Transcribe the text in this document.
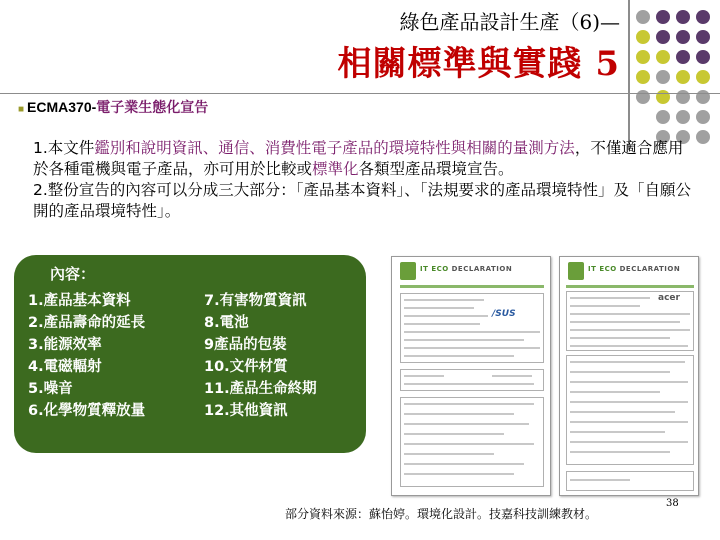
綠色產品設計生產（6)—
相關標準與實踐 5
■ ECMA370-電子業生態化宣告

1.本文件鑑別和說明資訊、通信、消費性電子產品的環境特性與相關的量測方法，不僅適合應用於各種電機與電子產品，亦可用於比較或標準化各類型產品環境宣告。

2.整份宣告的內容可以分成三大部分：「產品基本資料」、「法規要求的產品環境特性」及「自願公開的產品環境特性」。

內容：
1.產品基本資料
2.產品壽命的延長
3.能源效率
4.電磁輻射
5.噪音
6.化學物質釋放量
7.有害物質資訊
8.電池
9產品的包裝
10.文件材質
11.產品生命終期
12.其他資訊
IT ECO DECLARATION
/SUS
IT ECO DECLARATION
acer
部分資料來源：蘇怡婷。環境化設計。技嘉科技訓練教材。
38
